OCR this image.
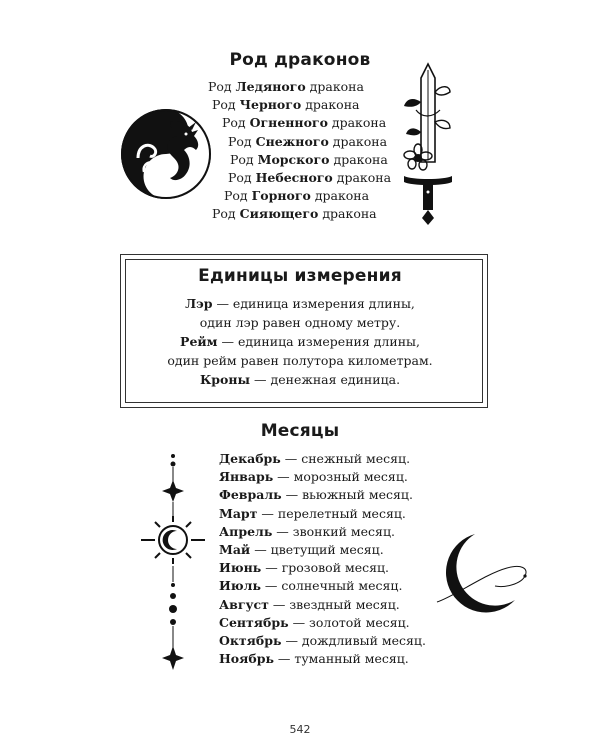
Род драконов
Род Ледяного дракона
Род Черного дракона
Род Огненного дракона
Род Снежного дракона
Род Морского дракона
Род Небесного дракона
Род Горного дракона
Род Сияющего дракона
Единицы измерения
Лэр — единица измерения длины,
один лэр равен одному метру.
Рейм — единица измерения длины,
один рейм равен полутора километрам.
Кроны — денежная единица.
Месяцы
Декабрь — снежный месяц.
Январь — морозный месяц.
Февраль — вьюжный месяц.
Март — перелетный месяц.
Апрель — звонкий месяц.
Май — цветущий месяц.
Июнь — грозовой месяц.
Июль — солнечный месяц.
Август — звездный месяц.
Сентябрь — золотой месяц.
Октябрь — дождливый месяц.
Ноябрь — туманный месяц.
542
